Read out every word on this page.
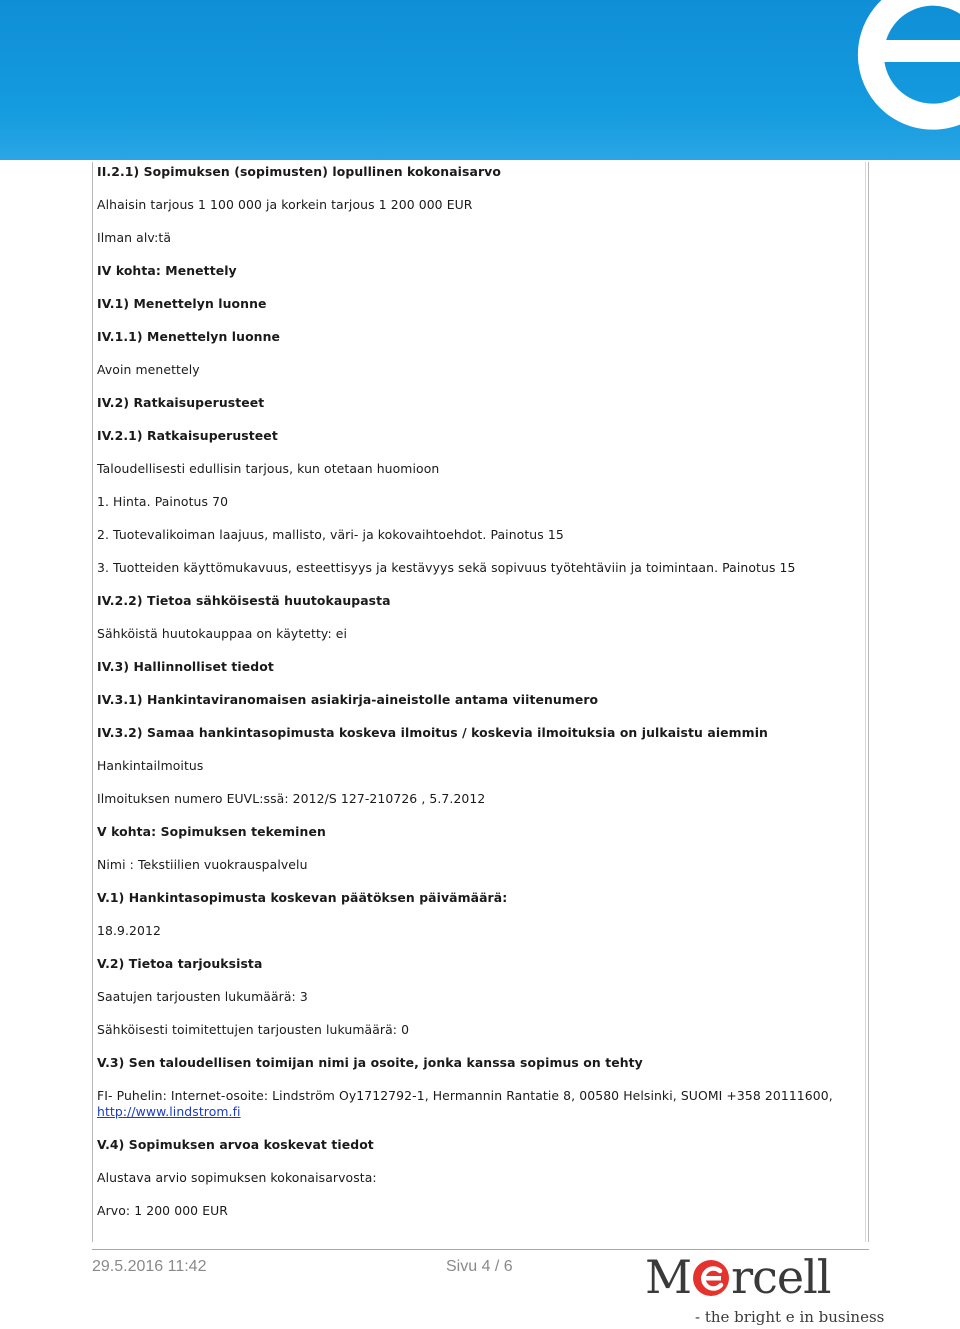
II.2.1) Sopimuksen (sopimusten) lopullinen kokonaisarvo
Alhaisin tarjous 1 100 000 ja korkein tarjous 1 200 000 EUR
Ilman alv:tä
IV kohta: Menettely
IV.1) Menettelyn luonne
IV.1.1) Menettelyn luonne
Avoin menettely
IV.2) Ratkaisuperusteet
IV.2.1) Ratkaisuperusteet
Taloudellisesti edullisin tarjous, kun otetaan huomioon
1. Hinta. Painotus 70
2. Tuotevalikoiman laajuus, mallisto, väri- ja kokovaihtoehdot. Painotus 15
3. Tuotteiden käyttömukavuus, esteettisyys ja kestävyys sekä sopivuus työtehtäviin ja toimintaan. Painotus 15
IV.2.2) Tietoa sähköisestä huutokaupasta
Sähköistä huutokauppaa on käytetty: ei
IV.3) Hallinnolliset tiedot
IV.3.1) Hankintaviranomaisen asiakirja-aineistolle antama viitenumero
IV.3.2) Samaa hankintasopimusta koskeva ilmoitus / koskevia ilmoituksia on julkaistu aiemmin
Hankintailmoitus
Ilmoituksen numero EUVL:ssä: 2012/S 127-210726 , 5.7.2012
V kohta: Sopimuksen tekeminen
Nimi : Tekstiilien vuokrauspalvelu
V.1) Hankintasopimusta koskevan päätöksen päivämäärä:
18.9.2012
V.2) Tietoa tarjouksista
Saatujen tarjousten lukumäärä: 3
Sähköisesti toimitettujen tarjousten lukumäärä: 0
V.3) Sen taloudellisen toimijan nimi ja osoite, jonka kanssa sopimus on tehty
FI- Puhelin: Internet-osoite: Lindström Oy1712792-1, Hermannin Rantatie 8, 00580 Helsinki, SUOMI +358 20111600,
http://www.lindstrom.fi
V.4) Sopimuksen arvoa koskevat tiedot
Alustava arvio sopimuksen kokonaisarvosta:
Arvo: 1 200 000 EUR
29.5.2016 11:42	Sivu 4 / 6	M rcell
- the bright e in business
